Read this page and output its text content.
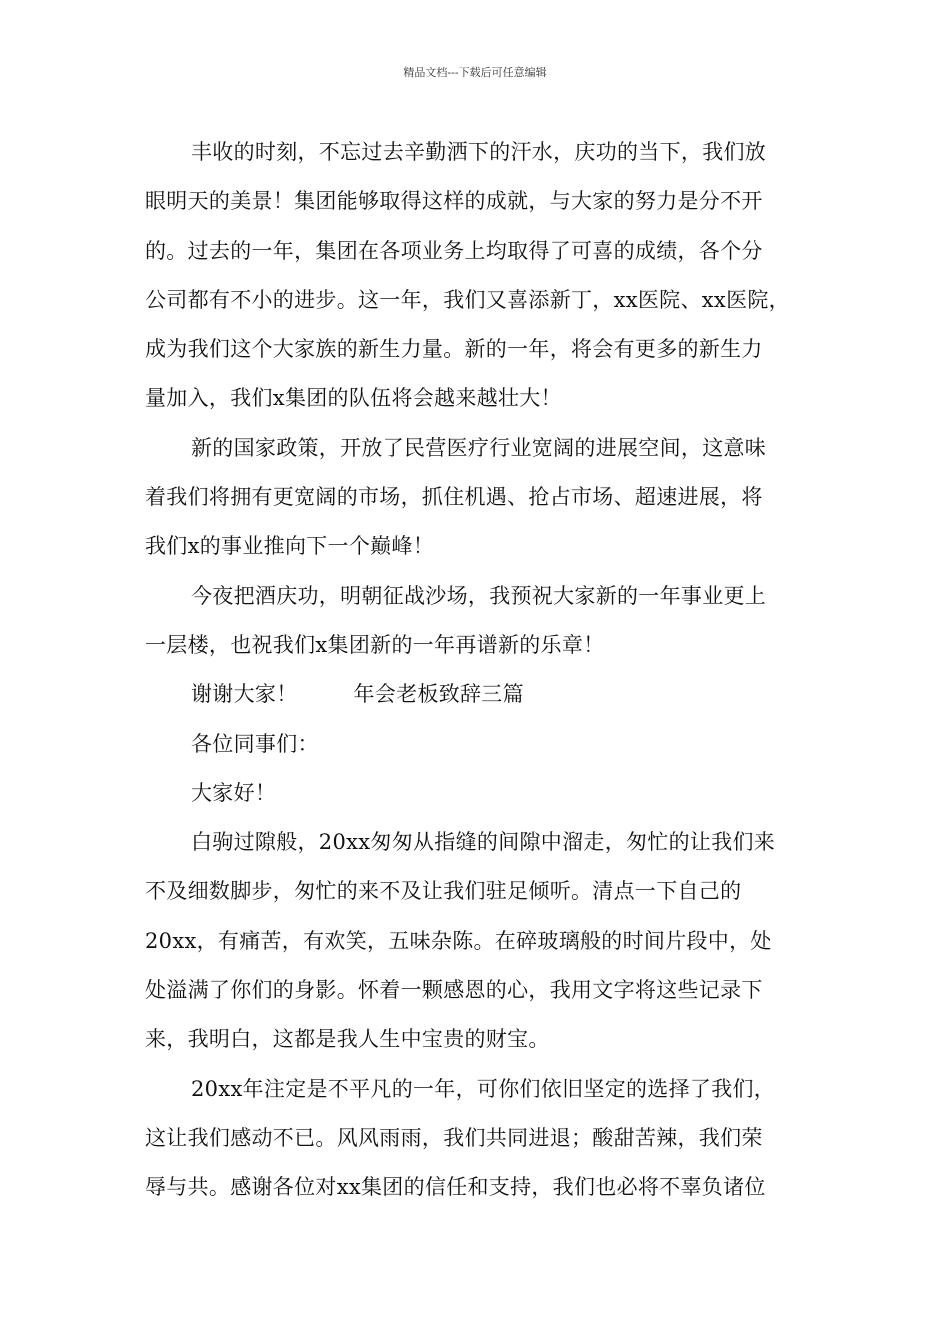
精品文档---下载后可任意编辑
丰收的时刻，不忘过去辛勤洒下的汗水，庆功的当下，我们放
眼明天的美景！集团能够取得这样的成就，与大家的努力是分不开
的。过去的一年，集团在各项业务上均取得了可喜的成绩，各个分
公司都有不小的进步。这一年，我们又喜添新丁，xx医院、xx医院，
成为我们这个大家族的新生力量。新的一年，将会有更多的新生力
量加入，我们x集团的队伍将会越来越壮大！
新的国家政策，开放了民营医疗行业宽阔的进展空间，这意味
着我们将拥有更宽阔的市场，抓住机遇、抢占市场、超速进展，将
我们x的事业推向下一个巅峰！
今夜把酒庆功，明朝征战沙场，我预祝大家新的一年事业更上
一层楼，也祝我们x集团新的一年再谱新的乐章！
谢谢大家！	年会老板致辞三篇
各位同事们：
大家好！
白驹过隙般，20xx匆匆从指缝的间隙中溜走，匆忙的让我们来
不及细数脚步，匆忙的来不及让我们驻足倾听。清点一下自己的
20xx，有痛苦，有欢笑，五味杂陈。在碎玻璃般的时间片段中，处
处溢满了你们的身影。怀着一颗感恩的心，我用文字将这些记录下
来，我明白，这都是我人生中宝贵的财宝。
20xx年注定是不平凡的一年，可你们依旧坚定的选择了我们，
这让我们感动不已。风风雨雨，我们共同进退；酸甜苦辣，我们荣
辱与共。感谢各位对xx集团的信任和支持，我们也必将不辜负诸位
